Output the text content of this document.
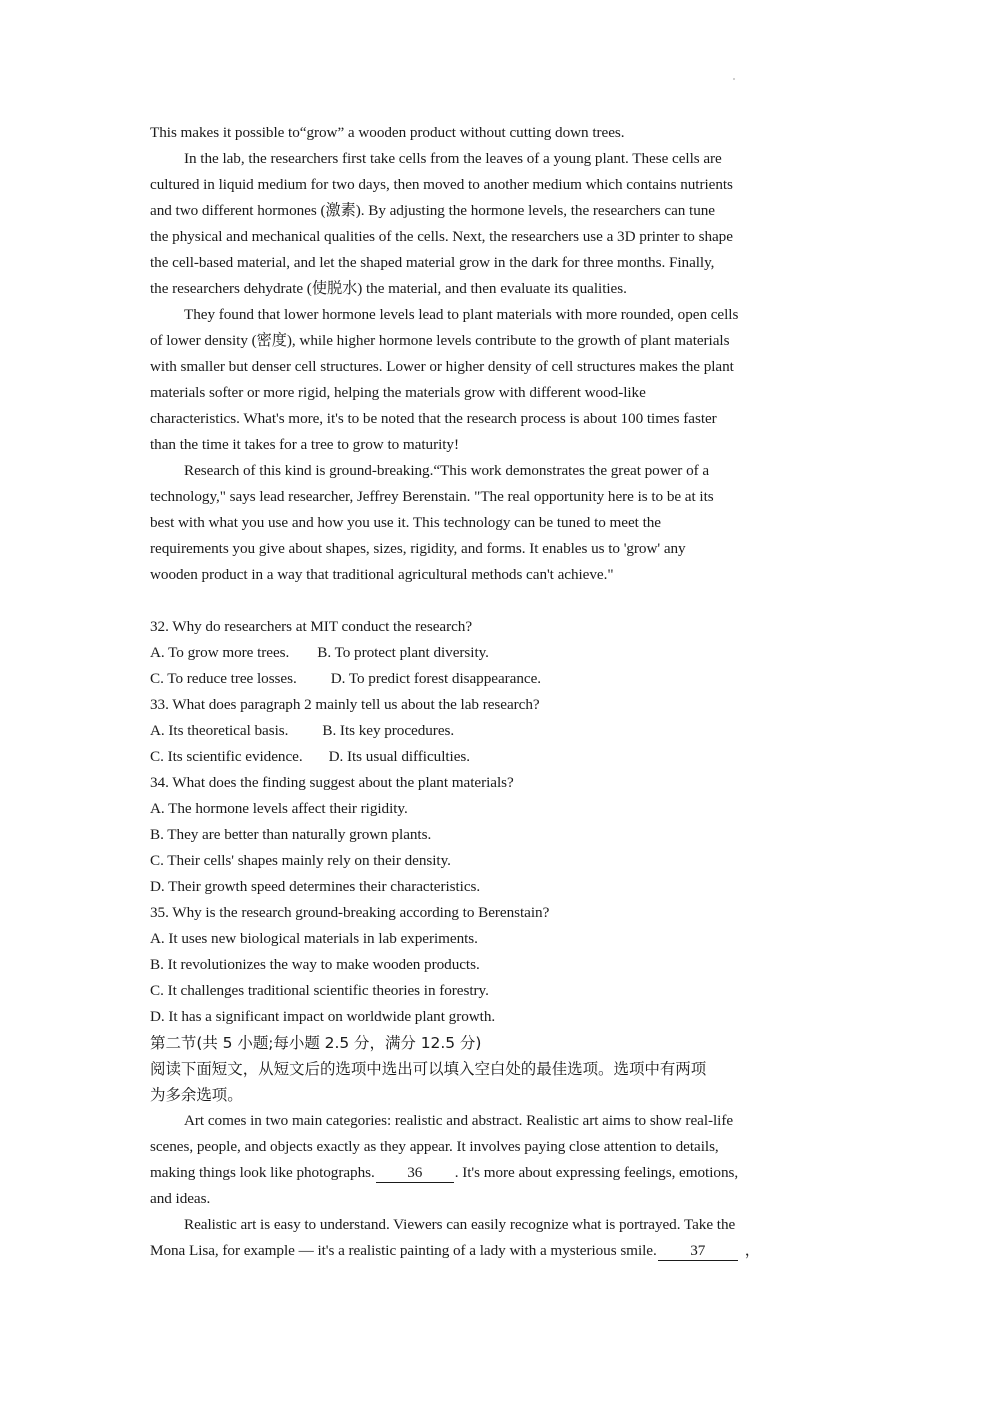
This makes it possible to“grow” a wooden product without cutting down trees.
In the lab, the researchers first take cells from the leaves of a young plant. These cells are
cultured in liquid medium for two days, then moved to another medium which contains nutrients
and two different hormones (激素). By adjusting the hormone levels, the researchers can tune
the physical and mechanical qualities of the cells. Next, the researchers use a 3D printer to shape
the cell-based material, and let the shaped material grow in the dark for three months. Finally,
the researchers dehydrate (使脱水) the material, and then evaluate its qualities.
They found that lower hormone levels lead to plant materials with more rounded, open cells
of lower density (密度), while higher hormone levels contribute to the growth of plant materials
with smaller but denser cell structures. Lower or higher density of cell structures makes the plant
materials softer or more rigid, helping the materials grow with different wood-like
characteristics. What's more, it's to be noted that the research process is about 100 times faster
than the time it takes for a tree to grow to maturity!
Research of this kind is ground-breaking.“This work demonstrates the great power of a
technology," says lead researcher, Jeffrey Berenstain. "The real opportunity here is to be at its
best with what you use and how you use it. This technology can be tuned to meet the
requirements you give about shapes, sizes, rigidity, and forms. It enables us to 'grow' any
wooden product in a way that traditional agricultural methods can't achieve."
32. Why do researchers at MIT conduct the research?
A. To grow more trees. B. To protect plant diversity.
C. To reduce tree losses. D. To predict forest disappearance.
33. What does paragraph 2 mainly tell us about the lab research?
A. Its theoretical basis. B. Its key procedures.
C. Its scientific evidence. D. Its usual difficulties.
34. What does the finding suggest about the plant materials?
A. The hormone levels affect their rigidity.
B. They are better than naturally grown plants.
C. Their cells' shapes mainly rely on their density.
D. Their growth speed determines their characteristics.
35. Why is the research ground-breaking according to Berenstain?
A. It uses new biological materials in lab experiments.
B. It revolutionizes the way to make wooden products.
C. It challenges traditional scientific theories in forestry.
D. It has a significant impact on worldwide plant growth.
第二节(共 5 小题;每小题 2.5 分，满分 12.5 分)
阅读下面短文，从短文后的选项中选出可以填入空白处的最佳选项。选项中有两项
为多余选项。
Art comes in two main categories: realistic and abstract. Realistic art aims to show real-life
scenes, people, and objects exactly as they appear. It involves paying close attention to details,
making things look like photographs. 36 . It's more about expressing feelings, emotions,
and ideas.
Realistic art is easy to understand. Viewers can easily recognize what is portrayed. Take the
Mona Lisa, for example — it's a realistic painting of a lady with a mysterious smile. 37	，
